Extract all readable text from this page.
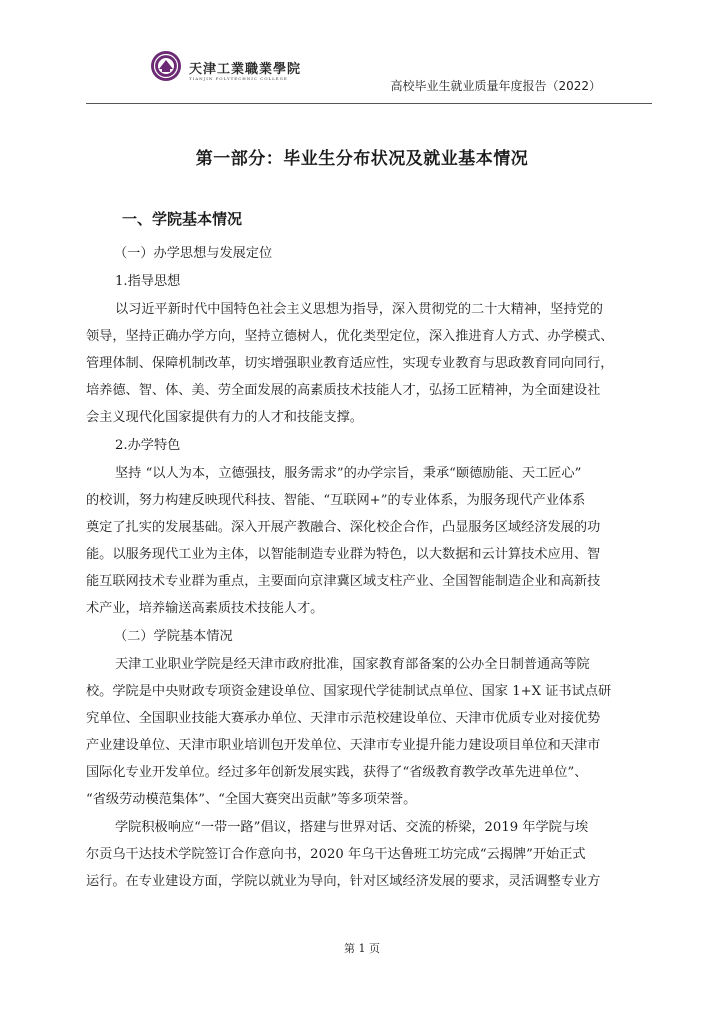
天津工業職業學院
TIANJIN POLYTECHNIC COLLEGE
高校毕业生就业质量年度报告（2022）
第一部分：毕业生分布状况及就业基本情况
一、学院基本情况
（一）办学思想与发展定位
1.指导思想
以习近平新时代中国特色社会主义思想为指导，深入贯彻党的二十大精神，坚持党的
领导，坚持正确办学方向，坚持立德树人，优化类型定位，深入推进育人方式、办学模式、
管理体制、保障机制改革，切实增强职业教育适应性，实现专业教育与思政教育同向同行，
培养德、智、体、美、劳全面发展的高素质技术技能人才，弘扬工匠精神，为全面建设社
会主义现代化国家提供有力的人才和技能支撑。
2.办学特色
坚持 “以人为本，立德强技，服务需求”的办学宗旨，秉承“颐德励能、天工匠心”
的校训，努力构建反映现代科技、智能、“互联网+”的专业体系，为服务现代产业体系
奠定了扎实的发展基础。深入开展产教融合、深化校企合作，凸显服务区域经济发展的功
能。以服务现代工业为主体，以智能制造专业群为特色，以大数据和云计算技术应用、智
能互联网技术专业群为重点，主要面向京津冀区域支柱产业、全国智能制造企业和高新技
术产业，培养输送高素质技术技能人才。
（二）学院基本情况
天津工业职业学院是经天津市政府批准，国家教育部备案的公办全日制普通高等院
校。学院是中央财政专项资金建设单位、国家现代学徒制试点单位、国家 1+X 证书试点研
究单位、全国职业技能大赛承办单位、天津市示范校建设单位、天津市优质专业对接优势
产业建设单位、天津市职业培训包开发单位、天津市专业提升能力建设项目单位和天津市
国际化专业开发单位。经过多年创新发展实践，获得了“省级教育教学改革先进单位”、
“省级劳动模范集体”、“全国大赛突出贡献”等多项荣誉。
学院积极响应“一带一路”倡议，搭建与世界对话、交流的桥梁，2019 年学院与埃
尔贡乌干达技术学院签订合作意向书，2020 年乌干达鲁班工坊完成“云揭牌”开始正式
运行。在专业建设方面，学院以就业为导向，针对区域经济发展的要求，灵活调整专业方
第 1 页
